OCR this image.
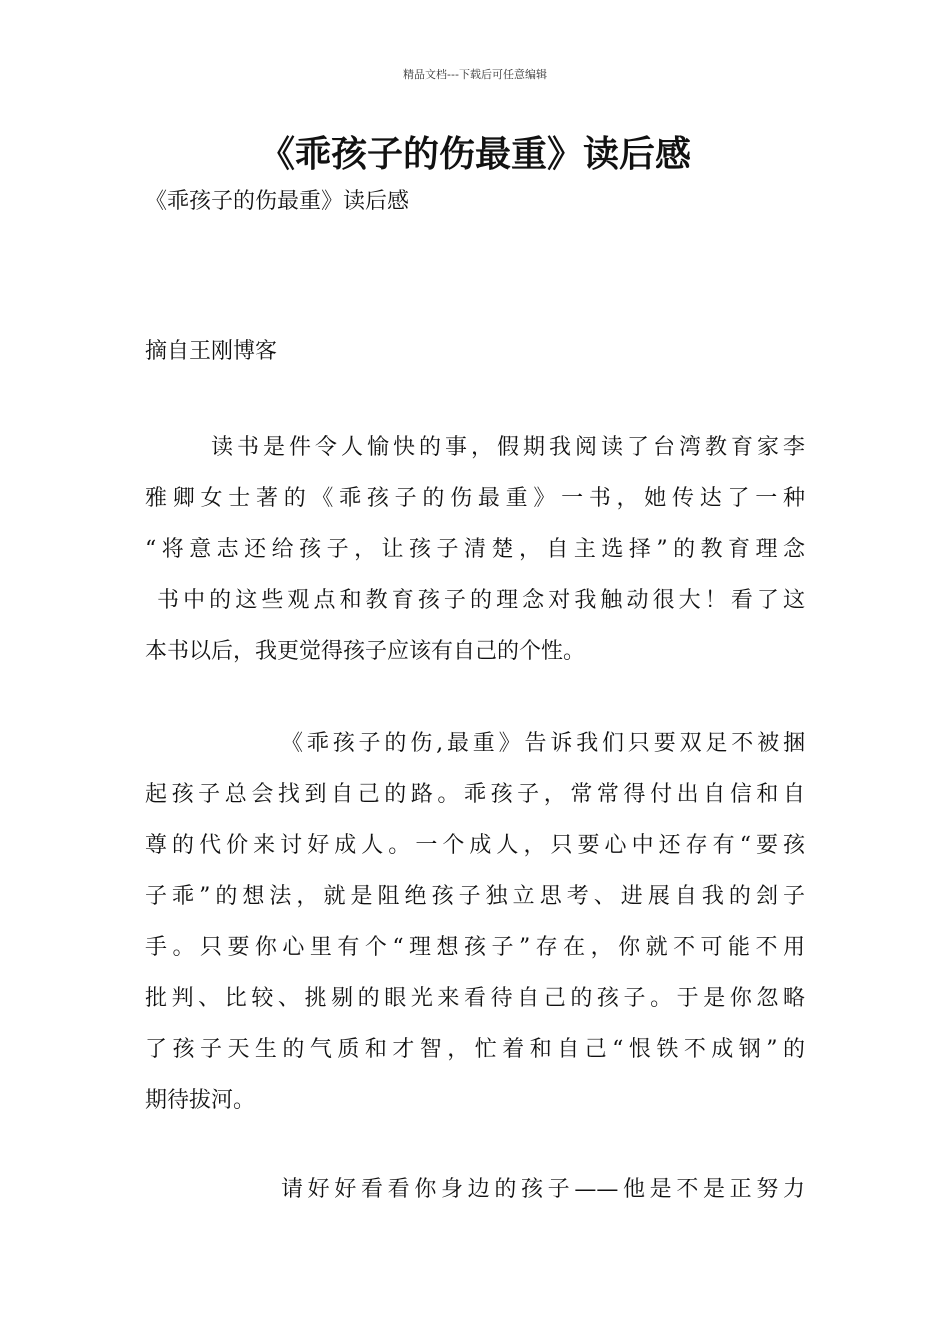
精品文档---下载后可任意编辑
《乖孩子的伤最重》读后感
《乖孩子的伤最重》读后感
摘自王刚博客
读书是件令人愉快的事，假期我阅读了台湾教育家李
雅卿女士著的《乖孩子的伤最重》一书，她传达了一种
“将意志还给孩子，让孩子清楚，自主选择”的教育理念
书中的这些观点和教育孩子的理念对我触动很大！看了这
本书以后，我更觉得孩子应该有自己的个性。
《乖孩子的伤,最重》告诉我们只要双足不被捆
起孩子总会找到自己的路。乖孩子，常常得付出自信和自
尊的代价来讨好成人。一个成人，只要心中还存有“要孩
子乖”的想法，就是阻绝孩子独立思考、进展自我的刽子
手。只要你心里有个“理想孩子”存在，你就不可能不用
批判、比较、挑剔的眼光来看待自己的孩子。于是你忽略
了孩子天生的气质和才智，忙着和自己“恨铁不成钢”的
期待拔河。
请好好看看你身边的孩子——他是不是正努力
